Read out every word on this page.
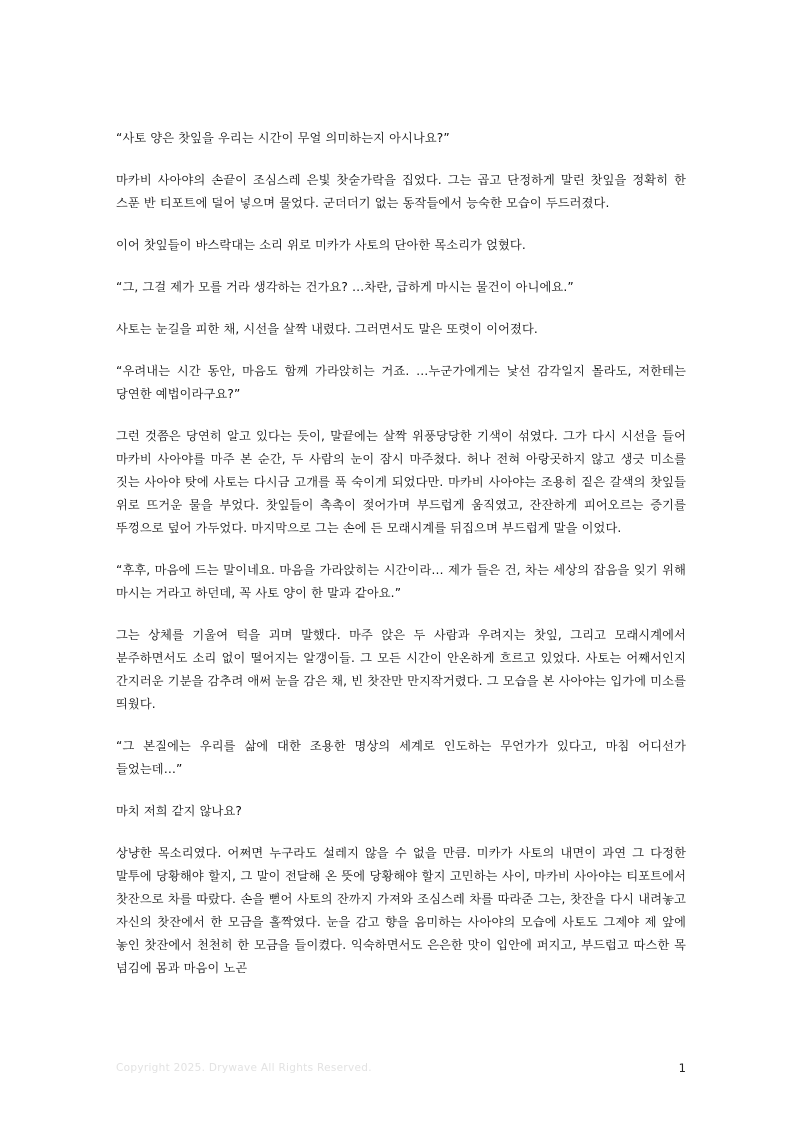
“사토 양은 찻잎을 우리는 시간이 무얼 의미하는지 아시나요?”

마카비 사아야의 손끝이 조심스레 은빛 찻숟가락을 집었다. 그는 곱고 단정하게 말린 찻잎을 정확히 한 스푼 반 티포트에 덜어 넣으며 물었다. 군더더기 없는 동작들에서 능숙한 모습이 두드러졌다.

이어 찻잎들이 바스락대는 소리 위로 미카가 사토의 단아한 목소리가 얹혔다.

“그, 그걸 제가 모를 거라 생각하는 건가요? …차란, 급하게 마시는 물건이 아니에요.”

사토는 눈길을 피한 채, 시선을 살짝 내렸다. 그러면서도 말은 또렷이 이어졌다.

“우려내는 시간 동안, 마음도 함께 가라앉히는 거죠. …누군가에게는 낯선 감각일지 몰라도, 저한테는 당연한 예법이라구요?”

그런 것쯤은 당연히 알고 있다는 듯이, 말끝에는 살짝 위풍당당한 기색이 섞였다. 그가 다시 시선을 들어 마카비 사아야를 마주 본 순간, 두 사람의 눈이 잠시 마주쳤다. 허나 전혀 아랑곳하지 않고 생긋 미소를 짓는 사아야 탓에 사토는 다시금 고개를 푹 숙이게 되었다만. 마카비 사아야는 조용히 짙은 갈색의 찻잎들 위로 뜨거운 물을 부었다. 찻잎들이 촉촉이 젖어가며 부드럽게 움직였고, 잔잔하게 피어오르는 증기를 뚜껑으로 덮어 가두었다. 마지막으로 그는 손에 든 모래시계를 뒤집으며 부드럽게 말을 이었다.

“후후, 마음에 드는 말이네요. 마음을 가라앉히는 시간이라… 제가 들은 건, 차는 세상의 잡음을 잊기 위해 마시는 거라고 하던데, 꼭 사토 양이 한 말과 같아요.”

그는 상체를 기울여 턱을 괴며 말했다. 마주 앉은 두 사람과 우려지는 찻잎, 그리고 모래시계에서 분주하면서도 소리 없이 떨어지는 알갱이들. 그 모든 시간이 안온하게 흐르고 있었다. 사토는 어째서인지 간지러운 기분을 감추려 애써 눈을 감은 채, 빈 찻잔만 만지작거렸다. 그 모습을 본 사아야는 입가에 미소를 띄웠다.

“그 본질에는 우리를 삶에 대한 조용한 명상의 세계로 인도하는 무언가가 있다고, 마침 어디선가 들었는데…”

마치 저희 같지 않나요?

상냥한 목소리였다. 어쩌면 누구라도 설레지 않을 수 없을 만큼. 미카가 사토의 내면이 과연 그 다정한 말투에 당황해야 할지, 그 말이 전달해 온 뜻에 당황해야 할지 고민하는 사이, 마카비 사아야는 티포트에서 찻잔으로 차를 따랐다. 손을 뻗어 사토의 잔까지 가져와 조심스레 차를 따라준 그는, 찻잔을 다시 내려놓고 자신의 찻잔에서 한 모금을 홀짝였다. 눈을 감고 향을 음미하는 사아야의 모습에 사토도 그제야 제 앞에 놓인 찻잔에서 천천히 한 모금을 들이켰다. 익숙하면서도 은은한 맛이 입안에 퍼지고, 부드럽고 따스한 목 넘김에 몸과 마음이 노곤

Copyright 2025. Drywave All Rights Reserved.	1
